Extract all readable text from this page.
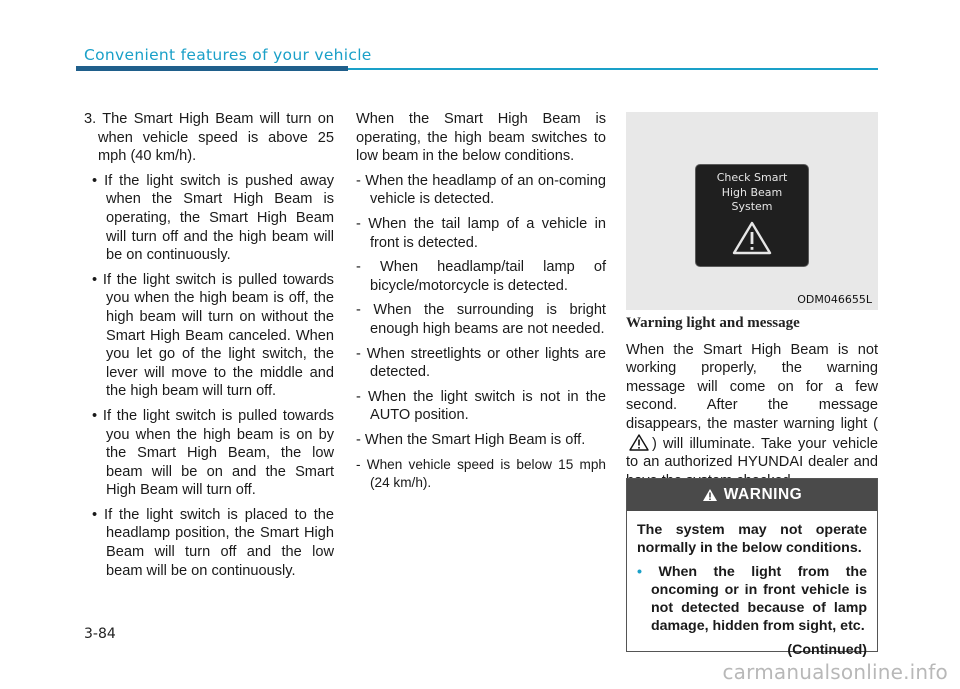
Convenient features of your vehicle

3. The Smart High Beam will turn on when vehicle speed is above 25 mph (40 km/h).

• If the light switch is pushed away when the Smart High Beam is operating, the Smart High Beam will turn off and the high beam will be on continuously.

• If the light switch is pulled towards you when the high beam is off, the high beam will turn on without the Smart High Beam canceled. When you let go of the light switch, the lever will move to the middle and the high beam will turn off.

• If the light switch is pulled towards you when the high beam is on by the Smart High Beam, the low beam will be on and the Smart High Beam will turn off.

• If the light switch is placed to the headlamp position, the Smart High Beam will turn off and the low beam will be on continuously.

When the Smart High Beam is operating, the high beam switches to low beam in the below conditions.

- When the headlamp of an on-coming vehicle is detected.

- When the tail lamp of a vehicle in front is detected.

- When headlamp/tail lamp of bicycle/motorcycle is detected.

- When the surrounding is bright enough high beams are not needed.

- When streetlights or other lights are detected.

- When the light switch is not in the AUTO position.

- When the Smart High Beam is off.

- When vehicle speed is below 15 mph (24 km/h).

Check Smart
High Beam
System
ODM046655L

Warning light and message

When the Smart High Beam is not working properly, the warning message will come on for a few second. After the message disappears, the master warning light () will illuminate. Take your vehicle to an authorized HYUNDAI dealer and

WARNING

The system may not operate normally in the below conditions.

• When the light from the oncoming or in front vehicle is not detected because of lamp damage, hidden from sight, etc.

(Continued)

3-84
carmanualsonline.info
